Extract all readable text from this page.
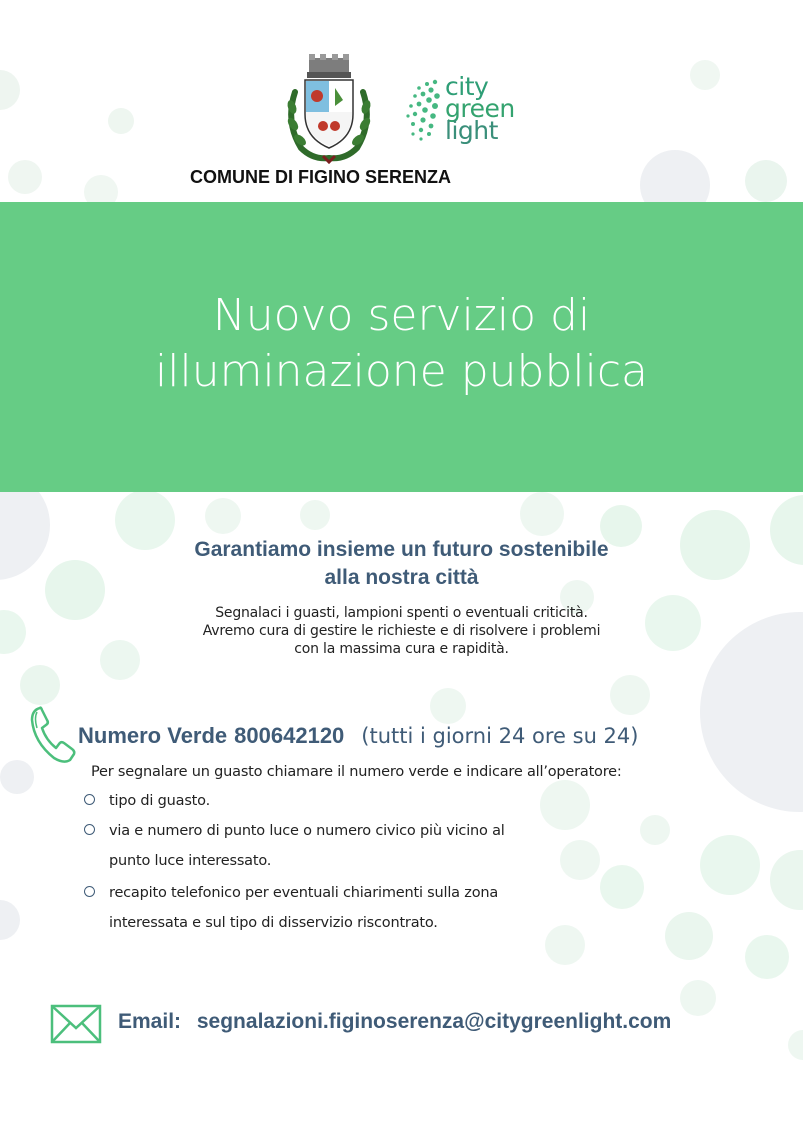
city
green
light
COMUNE DI FIGINO SERENZA
Nuovo servizio di
illuminazione pubblica
Garantiamo insieme un futuro sostenibile
alla nostra città
Segnalaci i guasti, lampioni spenti o eventuali criticità.
Avremo cura di gestire le richieste e di risolvere i problemi
con la massima cura e rapidità.
Numero Verde 800642120 (tutti i giorni 24 ore su 24)
Per segnalare un guasto chiamare il numero verde e indicare all’operatore:
tipo di guasto.
via e numero di punto luce o numero civico più vicino al
punto luce interessato.
recapito telefonico per eventuali chiarimenti sulla zona
interessata e sul tipo di disservizio riscontrato.
Email: segnalazioni.figinoserenza@citygreenlight.com
